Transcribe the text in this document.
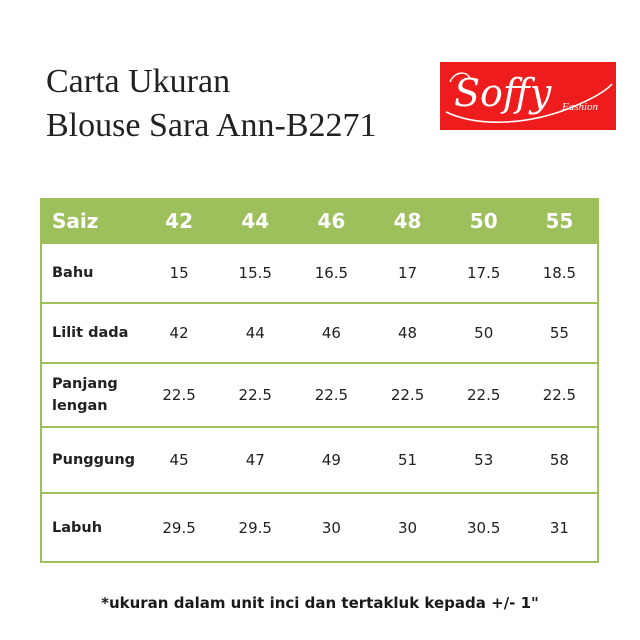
Carta Ukuran
Blouse Sara Ann-B2271
Soffy Fashion
Saiz	42	44	46	48	50	55
Bahu	15	15.5	16.5	17	17.5	18.5
Lilit dada	42	44	46	48	50	55
Panjang lengan	22.5	22.5	22.5	22.5	22.5	22.5
Punggung	45	47	49	51	53	58
Labuh	29.5	29.5	30	30	30.5	31
*ukuran dalam unit inci dan tertakluk kepada +/- 1"
